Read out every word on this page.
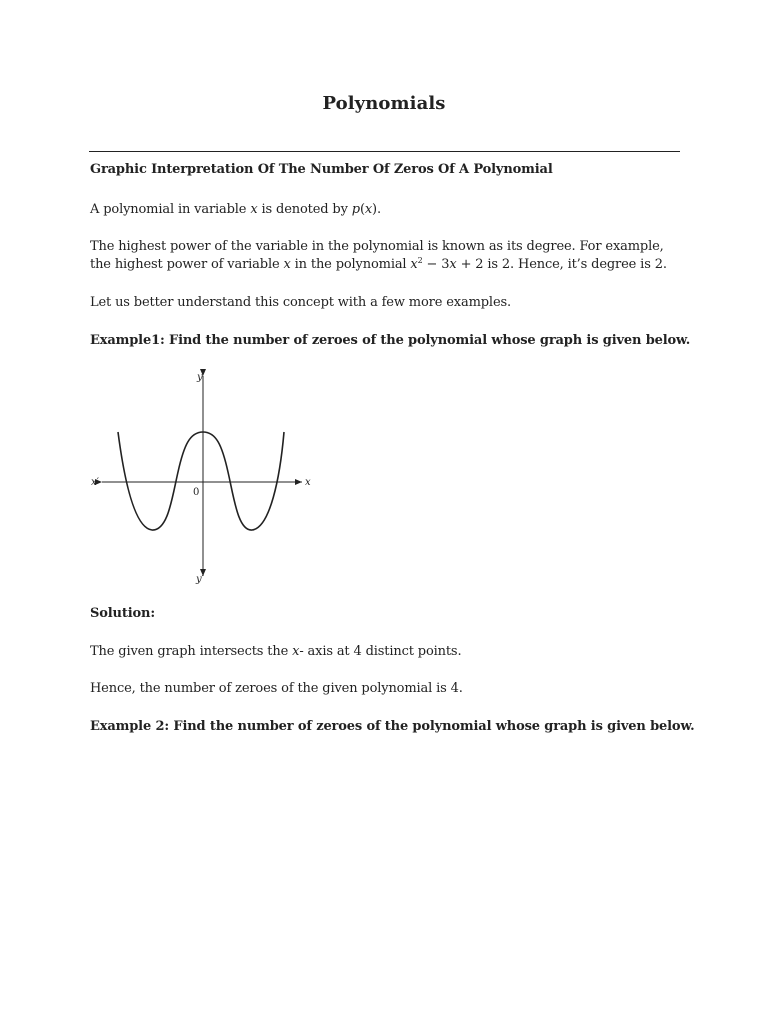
Polynomials
Graphic Interpretation Of The Number Of Zeros Of A Polynomial
A polynomial in variable x is denoted by p(x).
The highest power of the variable in the polynomial is known as its degree. For example,
the highest power of variable x in the polynomial $x^2 - 3x + 2$ is 2. Hence, it’s degree is 2.
Let us better understand this concept with a few more examples.
Example1: Find the number of zeroes of the polynomial whose graph is given below.
y
y′
x
x′
0
Solution:
The given graph intersects the x- axis at 4 distinct points.
Hence, the number of zeroes of the given polynomial is 4.
Example 2: Find the number of zeroes of the polynomial whose graph is given below.
